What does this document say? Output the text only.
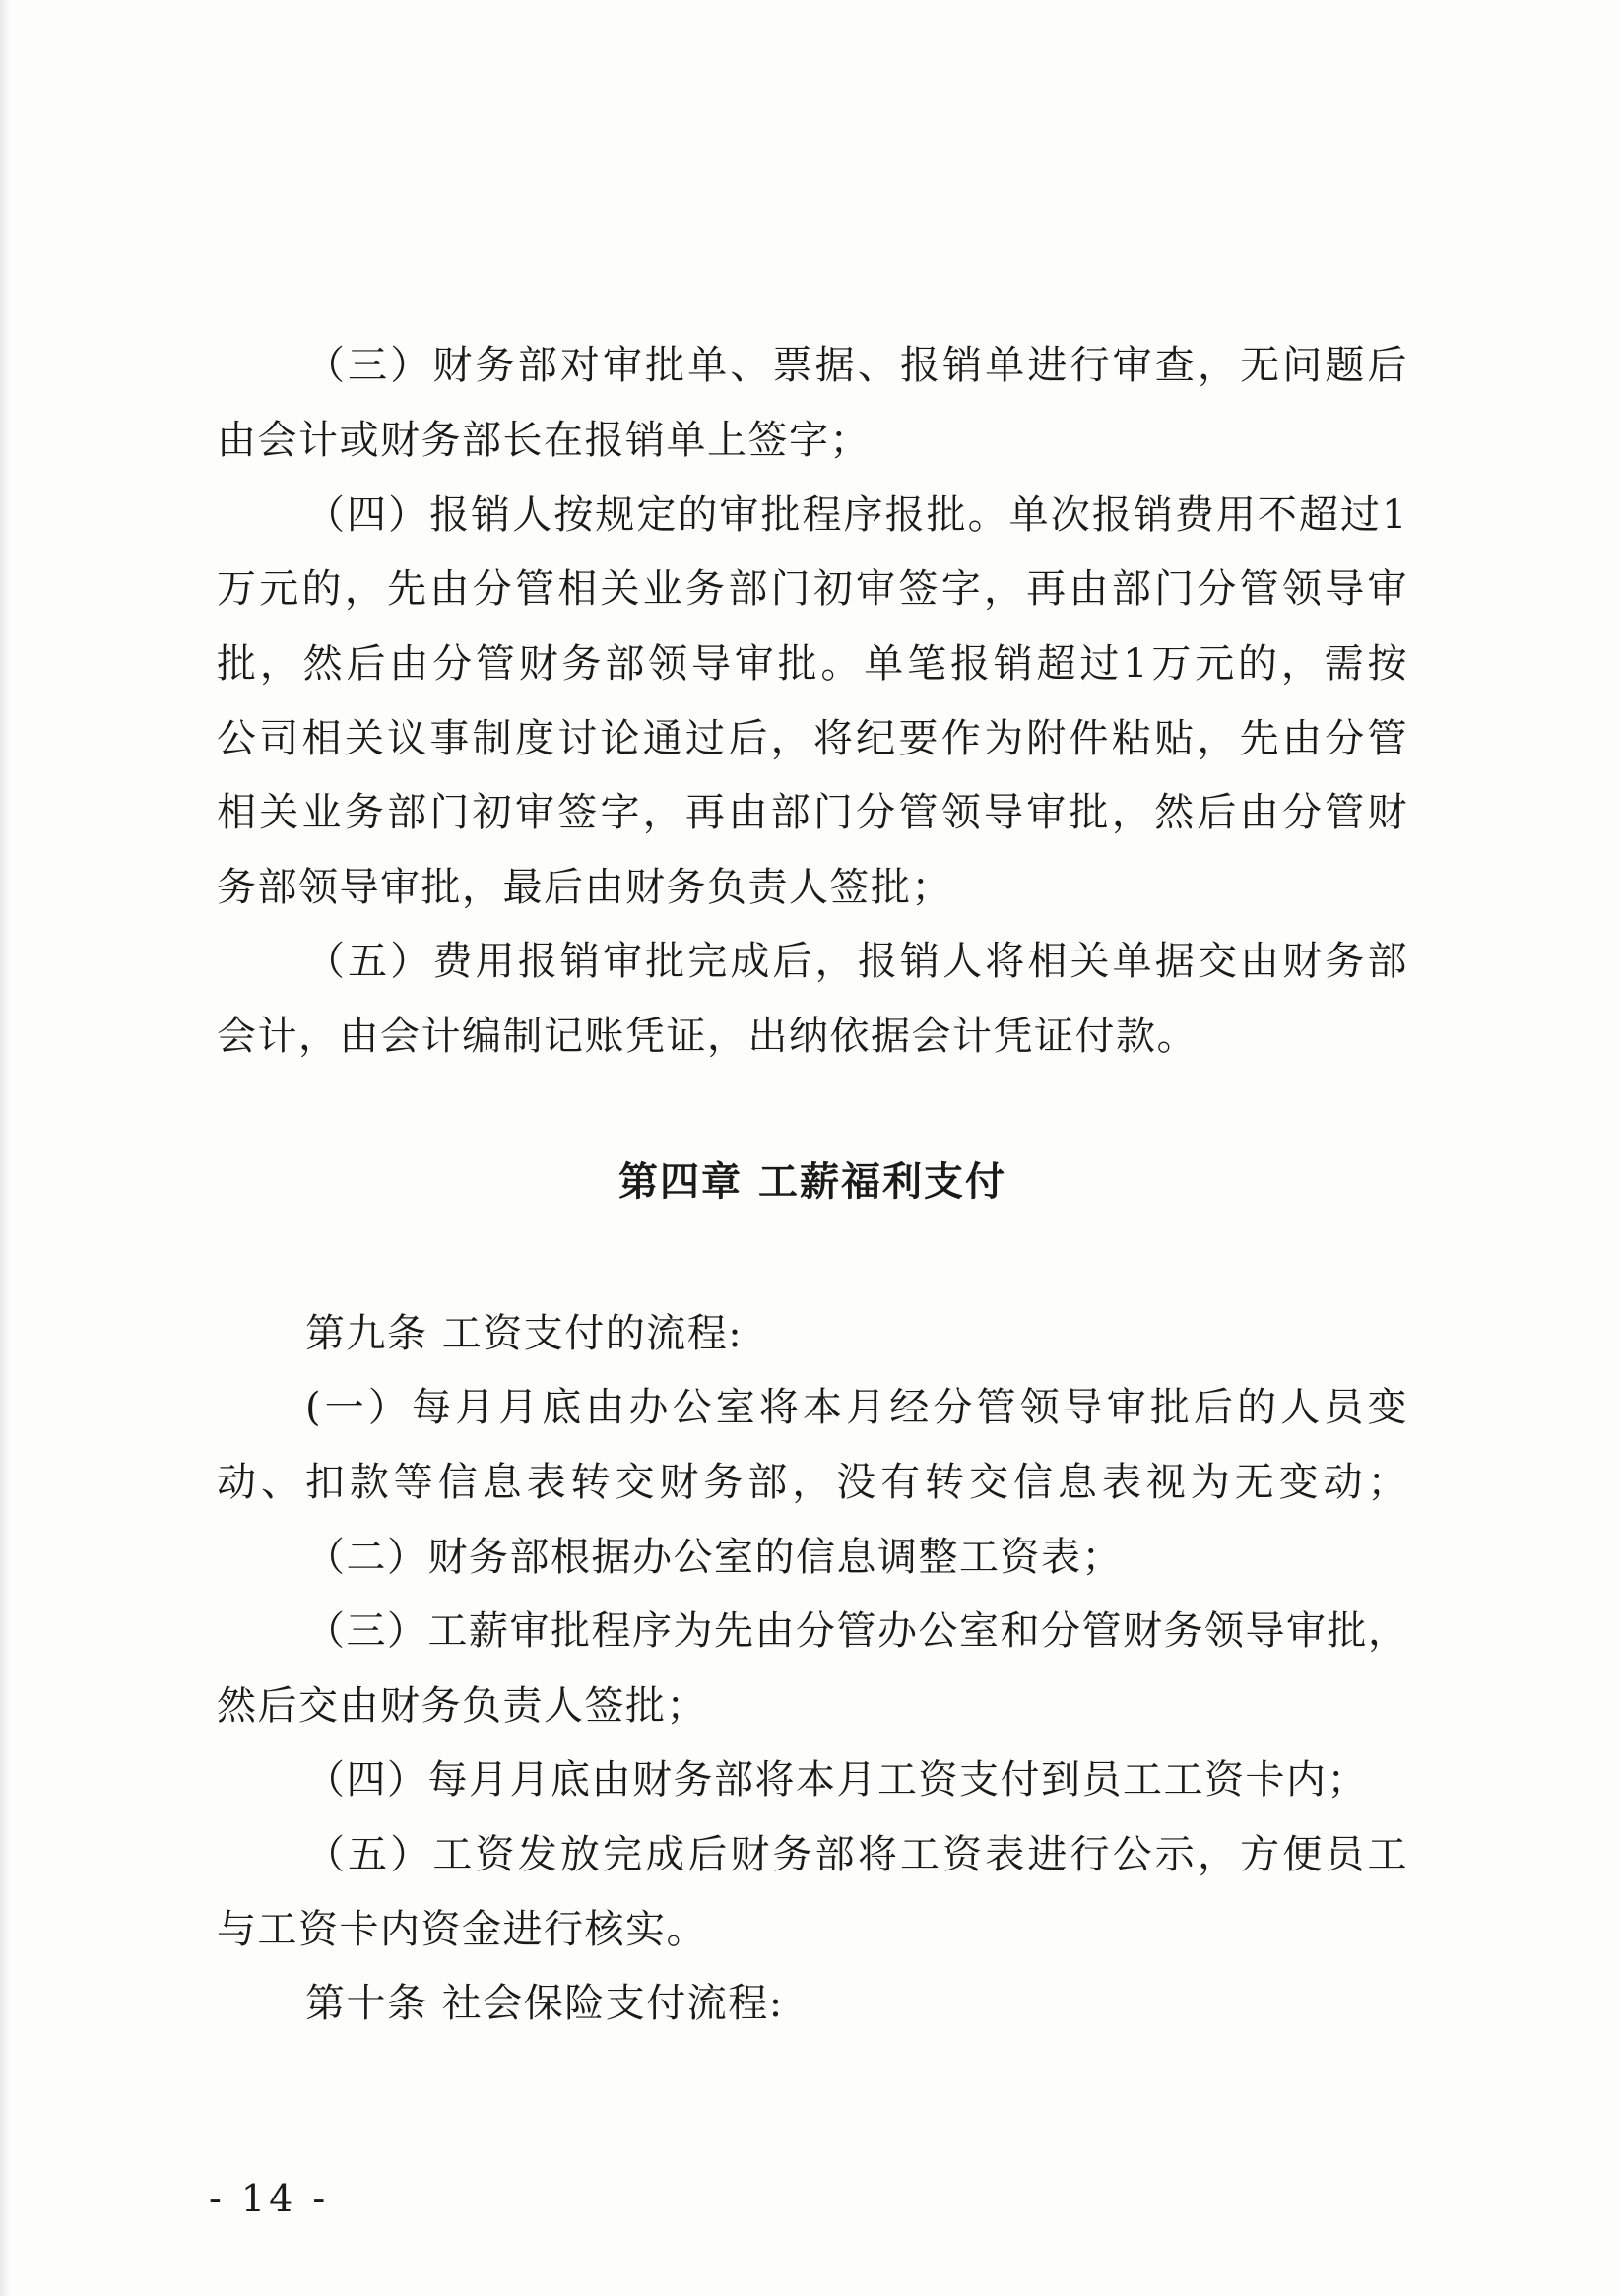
（三）财务部对审批单、票据、报销单进行审查，无问题后
由会计或财务部长在报销单上签字；
（四）报销人按规定的审批程序报批。单次报销费用不超过1
万元的，先由分管相关业务部门初审签字，再由部门分管领导审
批，然后由分管财务部领导审批。单笔报销超过1万元的，需按
公司相关议事制度讨论通过后，将纪要作为附件粘贴，先由分管
相关业务部门初审签字，再由部门分管领导审批，然后由分管财
务部领导审批，最后由财务负责人签批；
（五）费用报销审批完成后，报销人将相关单据交由财务部
会计，由会计编制记账凭证，出纳依据会计凭证付款。
第四章 工薪福利支付
第九条 工资支付的流程:
(一）每月月底由办公室将本月经分管领导审批后的人员变
动、扣款等信息表转交财务部，没有转交信息表视为无变动；
（二）财务部根据办公室的信息调整工资表；
（三）工薪审批程序为先由分管办公室和分管财务领导审批，
然后交由财务负责人签批；
（四）每月月底由财务部将本月工资支付到员工工资卡内；
（五）工资发放完成后财务部将工资表进行公示，方便员工
与工资卡内资金进行核实。
第十条 社会保险支付流程:
- 14 -
